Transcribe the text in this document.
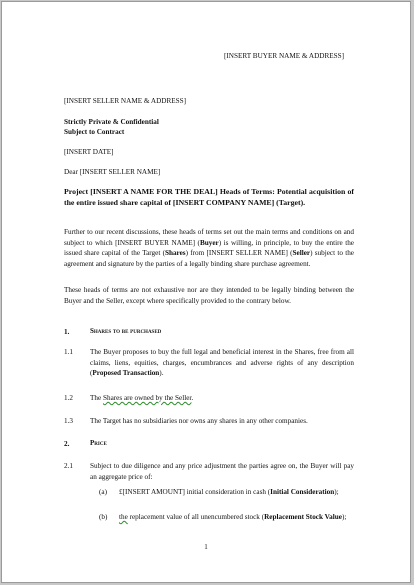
[INSERT BUYER NAME & ADDRESS]
[INSERT SELLER NAME & ADDRESS]
Strictly Private & Confidential
Subject to Contract
[INSERT DATE]
Dear [INSERT SELLER NAME]
Project [INSERT A NAME FOR THE DEAL] Heads of Terms: Potential acquisition of the entire issued share capital of [INSERT COMPANY NAME] (Target).
Further to our recent discussions, these heads of terms set out the main terms and conditions on and subject to which [INSERT BUYER NAME] (Buyer) is willing, in principle, to buy the entire the issued share capital of the Target (Shares) from [INSERT SELLER NAME] (Seller) subject to the agreement and signature by the parties of a legally binding share purchase agreement.
These heads of terms are not exhaustive nor are they intended to be legally binding between the Buyer and the Seller, except where specifically provided to the contrary below.
1.	Shares to be purchased
1.1 The Buyer proposes to buy the full legal and beneficial interest in the Shares, free from all claims, liens, equities, charges, encumbrances and adverse rights of any description (Proposed Transaction).
1.2 The Shares are owned by the Seller.
1.3 The Target has no subsidiaries nor owns any shares in any other companies.
2.	Price
2.1 Subject to due diligence and any price adjustment the parties agree on, the Buyer will pay an aggregate price of:
(a) £[INSERT AMOUNT] initial consideration in cash (Initial Consideration);
(b) the replacement value of all unencumbered stock (Replacement Stock Value);
1
